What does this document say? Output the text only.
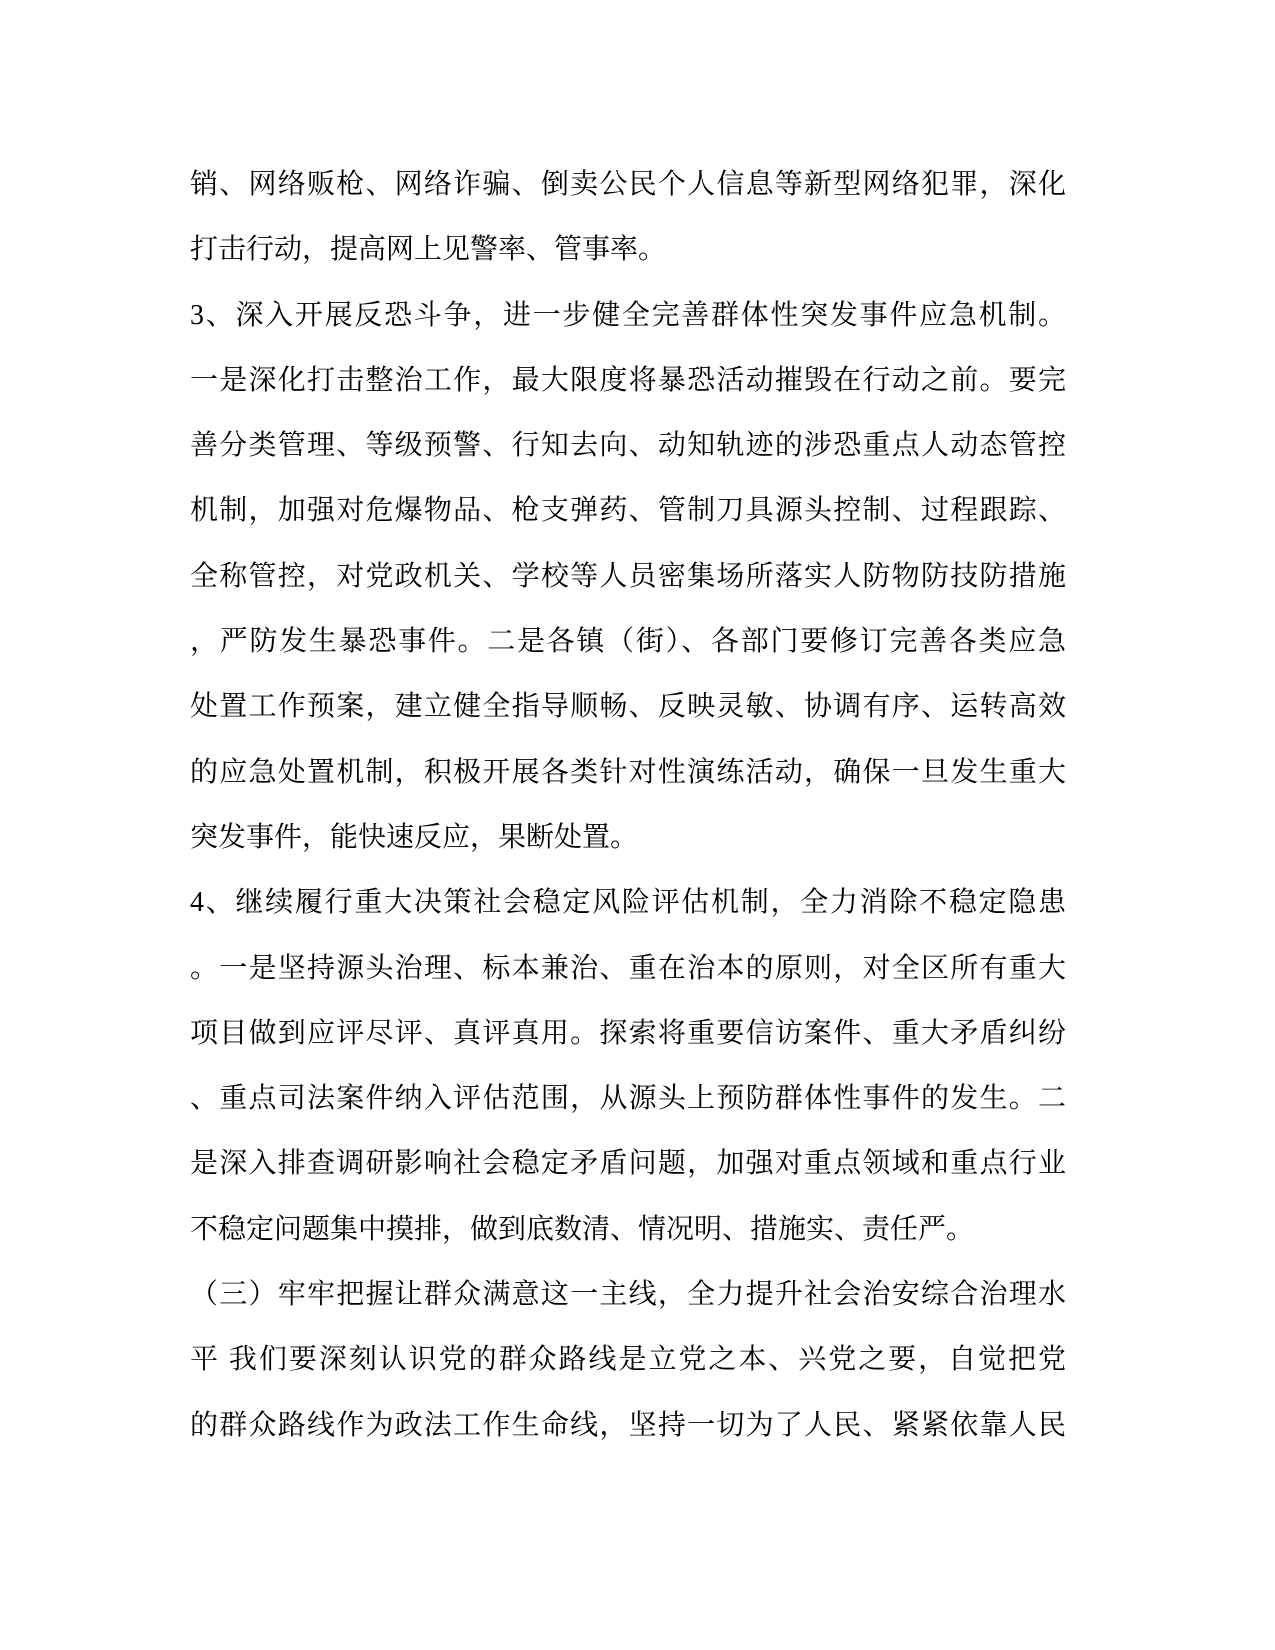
销、网络贩枪、网络诈骗、倒卖公民个人信息等新型网络犯罪，深化
打击行动，提高网上见警率、管事率。
3、深入开展反恐斗争，进一步健全完善群体性突发事件应急机制。
一是深化打击整治工作，最大限度将暴恐活动摧毁在行动之前。要完
善分类管理、等级预警、行知去向、动知轨迹的涉恐重点人动态管控
机制，加强对危爆物品、枪支弹药、管制刀具源头控制、过程跟踪、
全称管控，对党政机关、学校等人员密集场所落实人防物防技防措施
，严防发生暴恐事件。二是各镇（街）、各部门要修订完善各类应急
处置工作预案，建立健全指导顺畅、反映灵敏、协调有序、运转高效
的应急处置机制，积极开展各类针对性演练活动，确保一旦发生重大
突发事件，能快速反应，果断处置。
4、继续履行重大决策社会稳定风险评估机制，全力消除不稳定隐患
。一是坚持源头治理、标本兼治、重在治本的原则，对全区所有重大
项目做到应评尽评、真评真用。探索将重要信访案件、重大矛盾纠纷
、重点司法案件纳入评估范围，从源头上预防群体性事件的发生。二
是深入排查调研影响社会稳定矛盾问题，加强对重点领域和重点行业
不稳定问题集中摸排，做到底数清、情况明、措施实、责任严。
（三）牢牢把握让群众满意这一主线，全力提升社会治安综合治理水
平 我们要深刻认识党的群众路线是立党之本、兴党之要，自觉把党
的群众路线作为政法工作生命线，坚持一切为了人民、紧紧依靠人民
